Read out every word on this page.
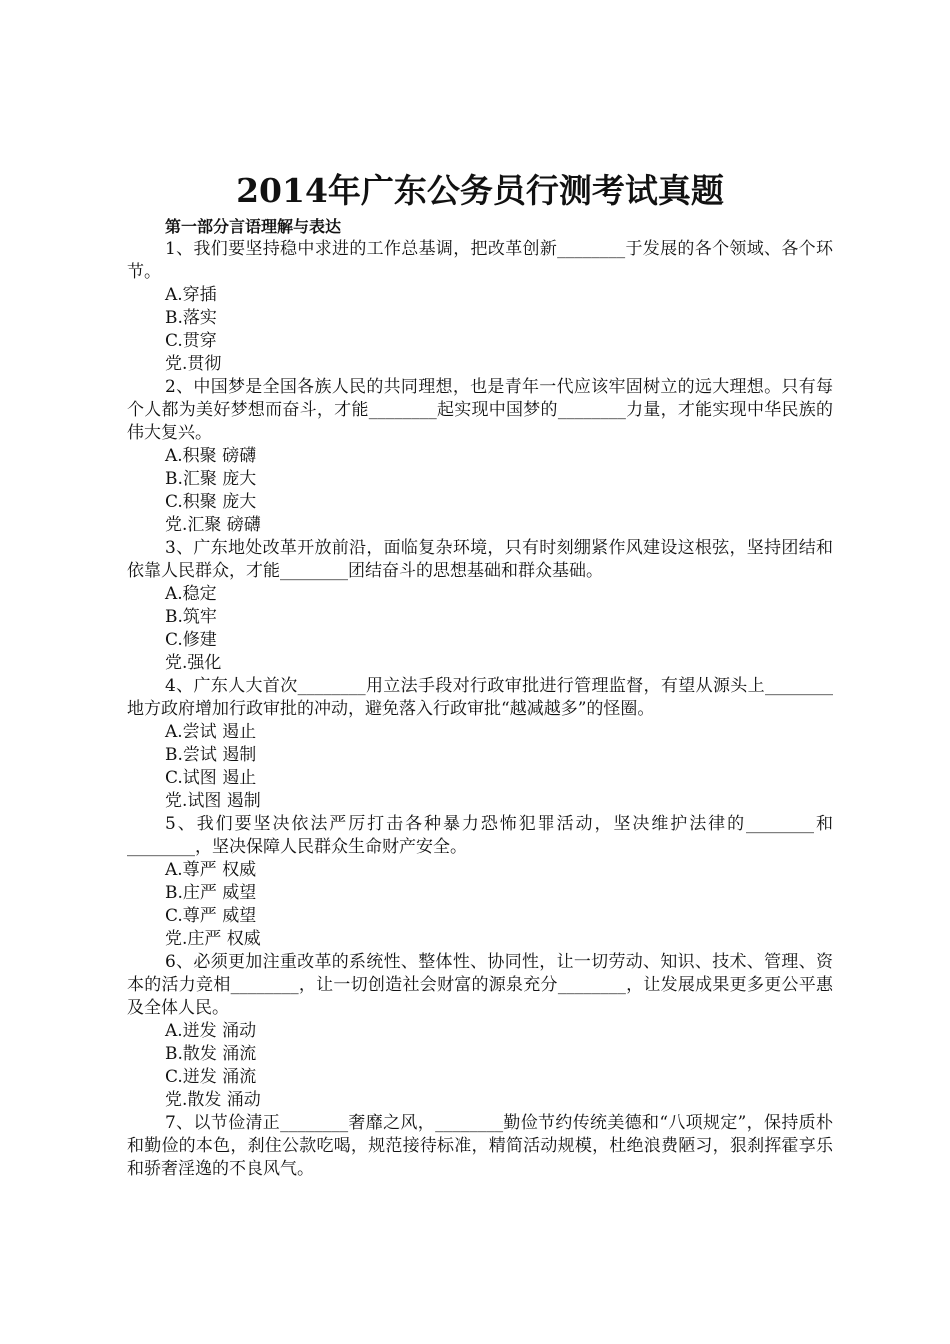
2014年广东公务员行测考试真题
第一部分言语理解与表达

1、我们要坚持稳中求进的工作总基调，把改革创新________于发展的各个领域、各个环节。

A.穿插

B.落实

C.贯穿

党.贯彻

2、中国梦是全国各族人民的共同理想，也是青年一代应该牢固树立的远大理想。只有每个人都为美好梦想而奋斗，才能________起实现中国梦的________力量，才能实现中华民族的伟大复兴。

A.积聚 磅礴

B.汇聚 庞大

C.积聚 庞大

党.汇聚 磅礴

3、广东地处改革开放前沿，面临复杂环境，只有时刻绷紧作风建设这根弦，坚持团结和依靠人民群众，才能________团结奋斗的思想基础和群众基础。

A.稳定

B.筑牢

C.修建

党.强化

4、广东人大首次________用立法手段对行政审批进行管理监督，有望从源头上________地方政府增加行政审批的冲动，避免落入行政审批“越减越多”的怪圈。

A.尝试 遏止

B.尝试 遏制

C.试图 遏止

党.试图 遏制

5、我们要坚决依法严厉打击各种暴力恐怖犯罪活动，坚决维护法律的________和________，坚决保障人民群众生命财产安全。

A.尊严 权威

B.庄严 威望

C.尊严 威望

党.庄严 权威

6、必须更加注重改革的系统性、整体性、协同性，让一切劳动、知识、技术、管理、资本的活力竞相________，让一切创造社会财富的源泉充分________，让发展成果更多更公平惠及全体人民。

A.迸发 涌动

B.散发 涌流

C.迸发 涌流

党.散发 涌动

7、以节俭清正________奢靡之风，________勤俭节约传统美德和“八项规定”，保持质朴和勤俭的本色，刹住公款吃喝，规范接待标准，精简活动规模，杜绝浪费陋习，狠刹挥霍享乐和骄奢淫逸的不良风气。
